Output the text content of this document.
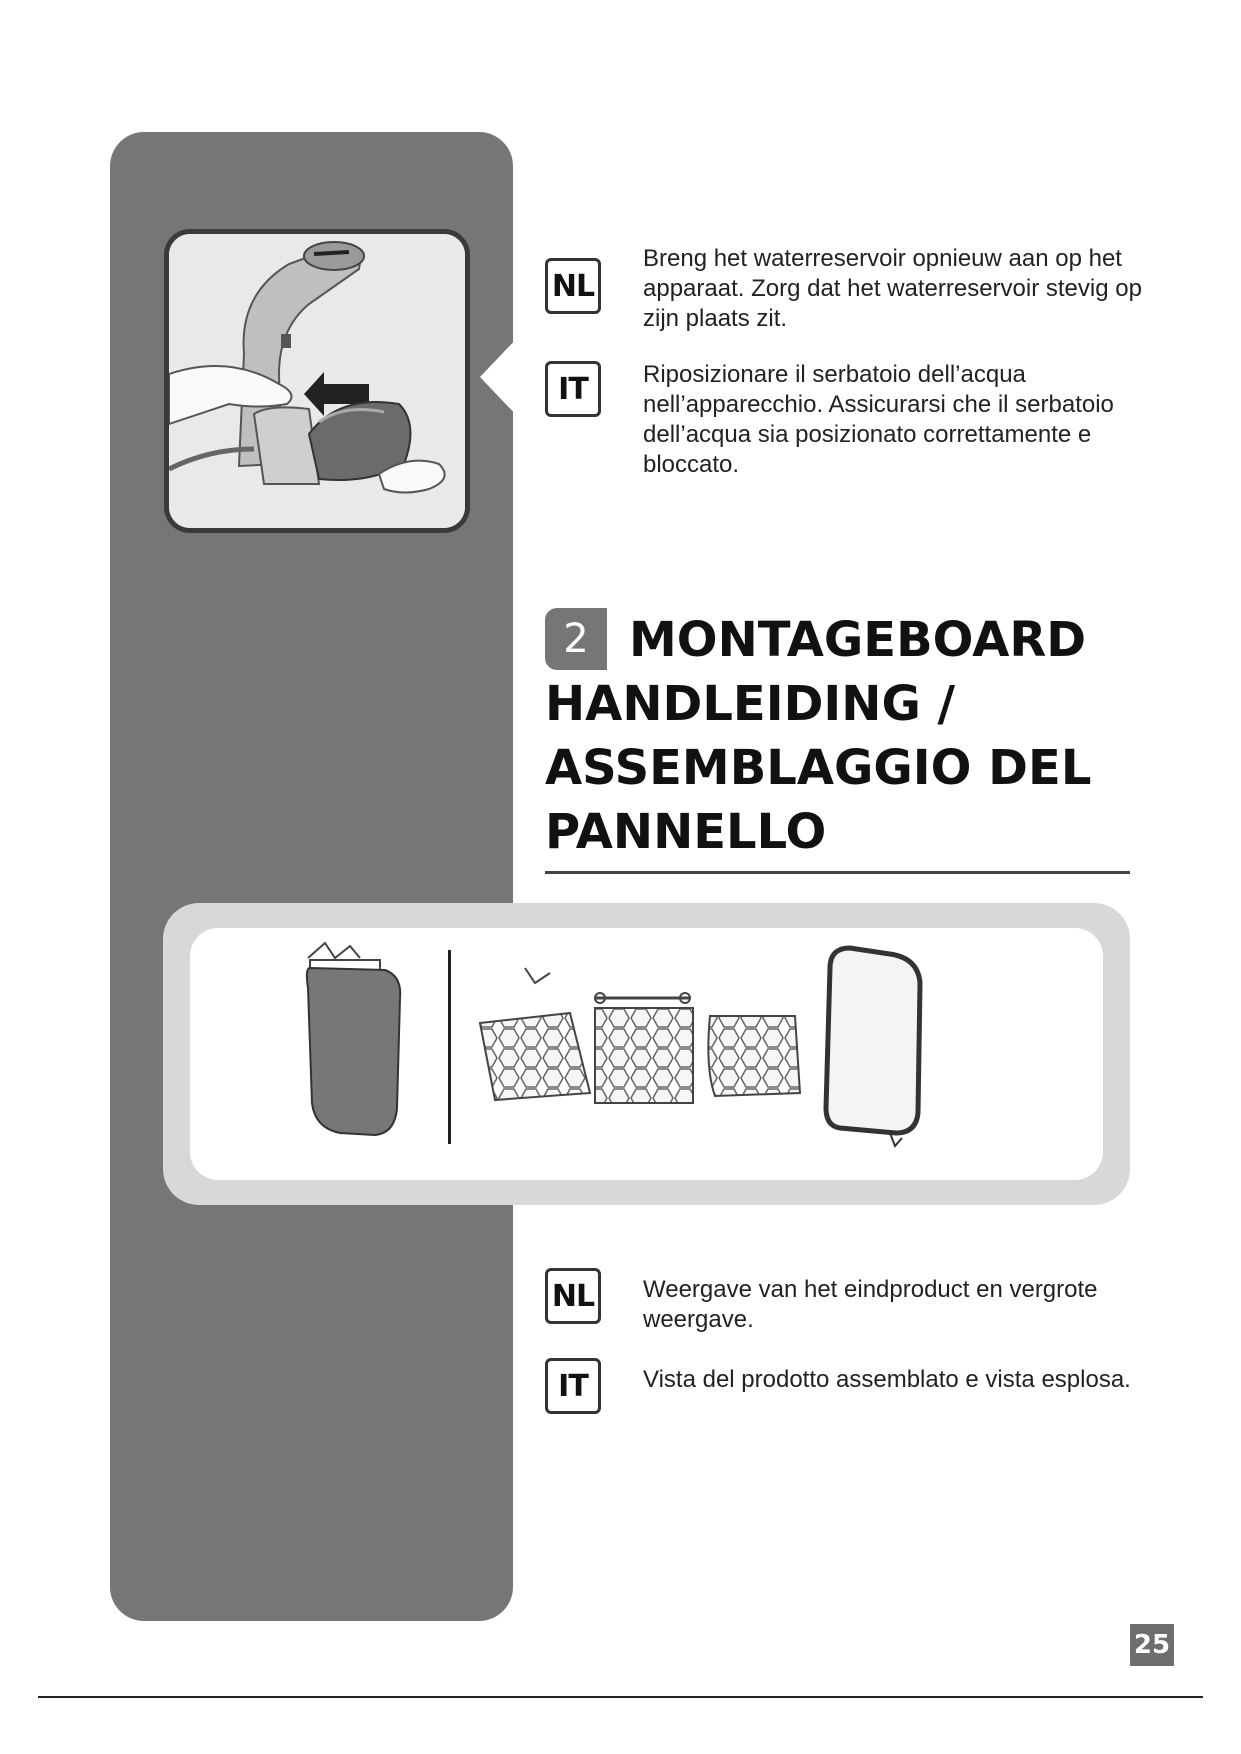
NL
Breng het waterreservoir opnieuw aan op het apparaat. Zorg dat het waterreservoir stevig op zijn plaats zit.
IT	Riposizionare il serbatoio dell’acqua nell’apparecchio. Assicurarsi che il serbatoio dell’acqua sia posizionato correttamente e bloccato.
2 MONTAGEBOARD HANDLEIDING / ASSEMBLAGGIO DEL PANNELLO
NL Weergave van het eindproduct en vergrote weergave.
IT	Vista del prodotto assemblato e vista esplosa.
25
